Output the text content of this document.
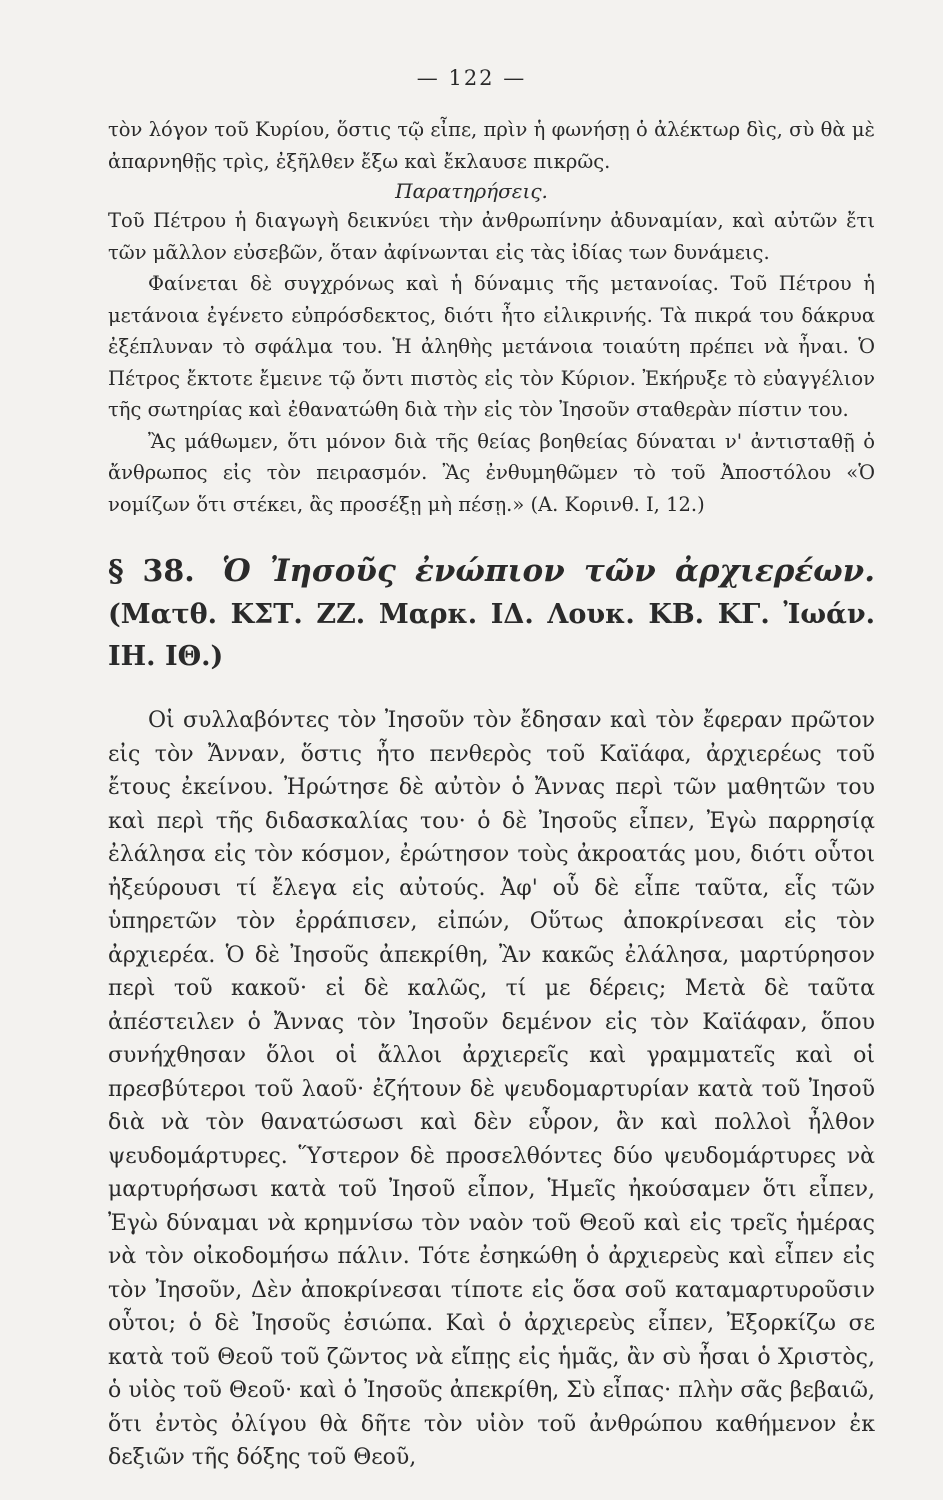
— 122 —

τὸν λόγον τοῦ Κυρίου, ὅστις τῷ εἶπε, πρὶν ἡ φωνήσῃ ὁ ἀλέκτωρ δὶς, σὺ θὰ μὲ ἀπαρνηθῇς τρὶς, ἐξῆλθεν ἔξω καὶ ἔκλαυσε πικρῶς.

Παρατηρήσεις.

Τοῦ Πέτρου ἡ διαγωγὴ δεικνύει τὴν ἀνθρωπίνην ἀδυναμίαν, καὶ αὐτῶν ἔτι τῶν μᾶλλον εὐσεβῶν, ὅταν ἀφίνωνται εἰς τὰς ἰδίας των δυνάμεις.

Φαίνεται δὲ συγχρόνως καὶ ἡ δύναμις τῆς μετανοίας. Τοῦ Πέτρου ἡ μετάνοια ἐγένετο εὐπρόσδεκτος, διότι ἦτο εἰλικρινής. Τὰ πικρά του δάκρυα ἐξέπλυναν τὸ σφάλμα του. Ἡ ἀληθὴς μετάνοια τοιαύτη πρέπει νὰ ἦναι. Ὁ Πέτρος ἔκτοτε ἔμεινε τῷ ὄντι πιστὸς εἰς τὸν Κύριον. Ἐκήρυξε τὸ εὐαγγέλιον τῆς σωτηρίας καὶ ἐθανατώθη διὰ τὴν εἰς τὸν Ἰησοῦν σταθερὰν πίστιν του.

Ἂς μάθωμεν, ὅτι μόνον διὰ τῆς θείας βοηθείας δύναται ν' ἀντισταθῇ ὁ ἄνθρωπος εἰς τὸν πειρασμόν. Ἂς ἐνθυμηθῶμεν τὸ τοῦ Ἀποστόλου «Ὁ νομίζων ὅτι στέκει, ἂς προσέξῃ μὴ πέσῃ.» (Α. Κορινθ. Ι, 12.)

§ 38. Ὁ Ἰησοῦς ἐνώπιον τῶν ἀρχιερέων. (Ματθ. ΚΣΤ. ΖΖ. Μαρκ. ΙΔ. Λουκ. ΚΒ. ΚΓ. Ἰωάν. ΙΗ. ΙΘ.)

Οἱ συλλαβόντες τὸν Ἰησοῦν τὸν ἔδησαν καὶ τὸν ἔφεραν πρῶτον εἰς τὸν Ἄνναν, ὅστις ἦτο πενθερὸς τοῦ Καϊάφα, ἀρχιερέως τοῦ ἔτους ἐκείνου. Ἠρώτησε δὲ αὐτὸν ὁ Ἄννας περὶ τῶν μαθητῶν του καὶ περὶ τῆς διδασκαλίας του· ὁ δὲ Ἰησοῦς εἶπεν, Ἐγὼ παρρησίᾳ ἐλάλησα εἰς τὸν κόσμον, ἐρώτησον τοὺς ἀκροατάς μου, διότι οὗτοι ἠξεύρουσι τί ἔλεγα εἰς αὐτούς. Ἀφ' οὗ δὲ εἶπε ταῦτα, εἷς τῶν ὑπηρετῶν τὸν ἐρράπισεν, εἰπών, Οὕτως ἀποκρίνεσαι εἰς τὸν ἀρχιερέα. Ὁ δὲ Ἰησοῦς ἀπεκρίθη, Ἂν κακῶς ἐλάλησα, μαρτύρησον περὶ τοῦ κακοῦ· εἰ δὲ καλῶς, τί με δέρεις; Μετὰ δὲ ταῦτα ἀπέστειλεν ὁ Ἄννας τὸν Ἰησοῦν δεμένον εἰς τὸν Καϊάφαν, ὅπου συνήχθησαν ὅλοι οἱ ἄλλοι ἀρχιερεῖς καὶ γραμματεῖς καὶ οἱ πρεσβύτεροι τοῦ λαοῦ· ἐζήτουν δὲ ψευδομαρτυρίαν κατὰ τοῦ Ἰησοῦ διὰ νὰ τὸν θανατώσωσι καὶ δὲν εὗρον, ἂν καὶ πολλοὶ ἦλθον ψευδομάρτυρες. Ὕστερον δὲ προσελθόντες δύο ψευδομάρτυρες νὰ μαρτυρήσωσι κατὰ τοῦ Ἰησοῦ εἶπον, Ἡμεῖς ἠκούσαμεν ὅτι εἶπεν, Ἐγὼ δύναμαι νὰ κρημνίσω τὸν ναὸν τοῦ Θεοῦ καὶ εἰς τρεῖς ἡμέρας νὰ τὸν οἰκοδομήσω πάλιν. Τότε ἐσηκώθη ὁ ἀρχιερεὺς καὶ εἶπεν εἰς τὸν Ἰησοῦν, Δὲν ἀποκρίνεσαι τίποτε εἰς ὅσα σοῦ καταμαρτυροῦσιν οὗτοι; ὁ δὲ Ἰησοῦς ἐσιώπα. Καὶ ὁ ἀρχιερεὺς εἶπεν, Ἐξορκίζω σε κατὰ τοῦ Θεοῦ τοῦ ζῶντος νὰ εἴπῃς εἰς ἡμᾶς, ἂν σὺ ἦσαι ὁ Χριστὸς, ὁ υἱὸς τοῦ Θεοῦ· καὶ ὁ Ἰησοῦς ἀπεκρίθη, Σὺ εἶπας· πλὴν σᾶς βεβαιῶ, ὅτι ἐντὸς ὀλίγου θὰ δῆτε τὸν υἱὸν τοῦ ἀνθρώπου καθήμενον ἐκ δεξιῶν τῆς δόξης τοῦ Θεοῦ,
